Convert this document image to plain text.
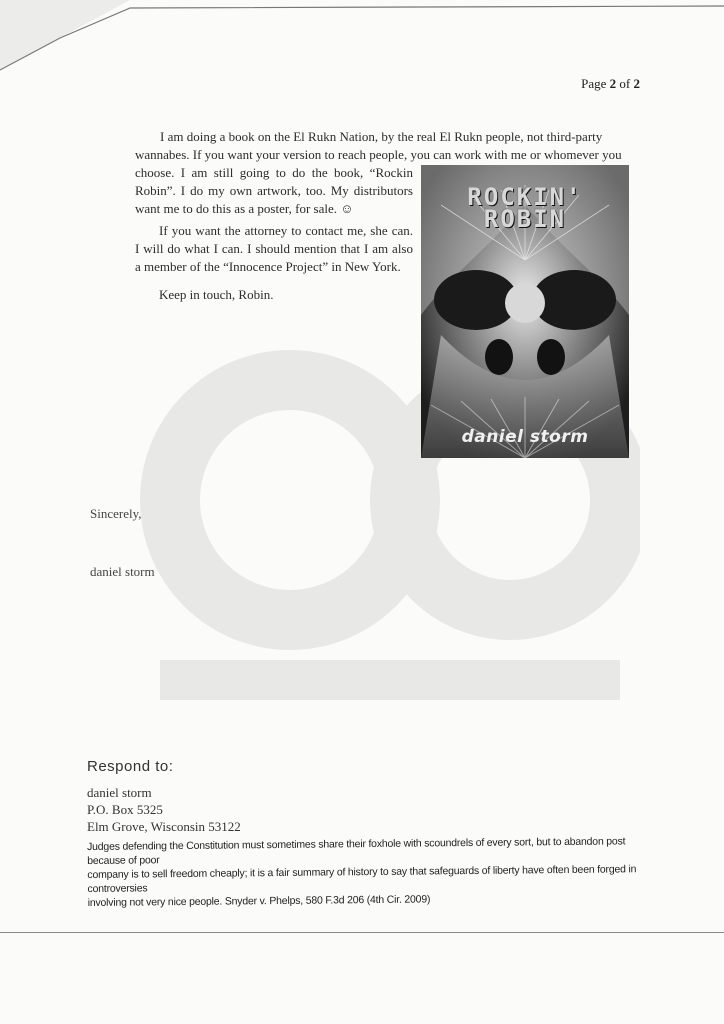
Page 2 of 2

I am doing a book on the El Rukn Nation, by the real El Rukn people, not third-party

wannabes. If you want your version to reach people, you can work with me or whomever you

choose. I am still going to do the book, “Rockin Robin”. I do my own artwork, too. My distributors want me to do this as a poster, for sale. ☺

If you want the attorney to contact me, she can. I will do what I can. I should mention that I am also a member of the “Innocence Project” in New York.

Keep in touch, Robin.

ROCKIN'
ROBIN
daniel storm
Sincerely,
daniel storm
Respond to:
daniel storm
P.O. Box 5325
Elm Grove, Wisconsin 53122
Judges defending the Constitution must sometimes share their foxhole with scoundrels of every sort, but to abandon post because of poor
company is to sell freedom cheaply; it is a fair summary of history to say that safeguards of liberty have often been forged in controversies
involving not very nice people. Snyder v. Phelps, 580 F.3d 206 (4th Cir. 2009)
